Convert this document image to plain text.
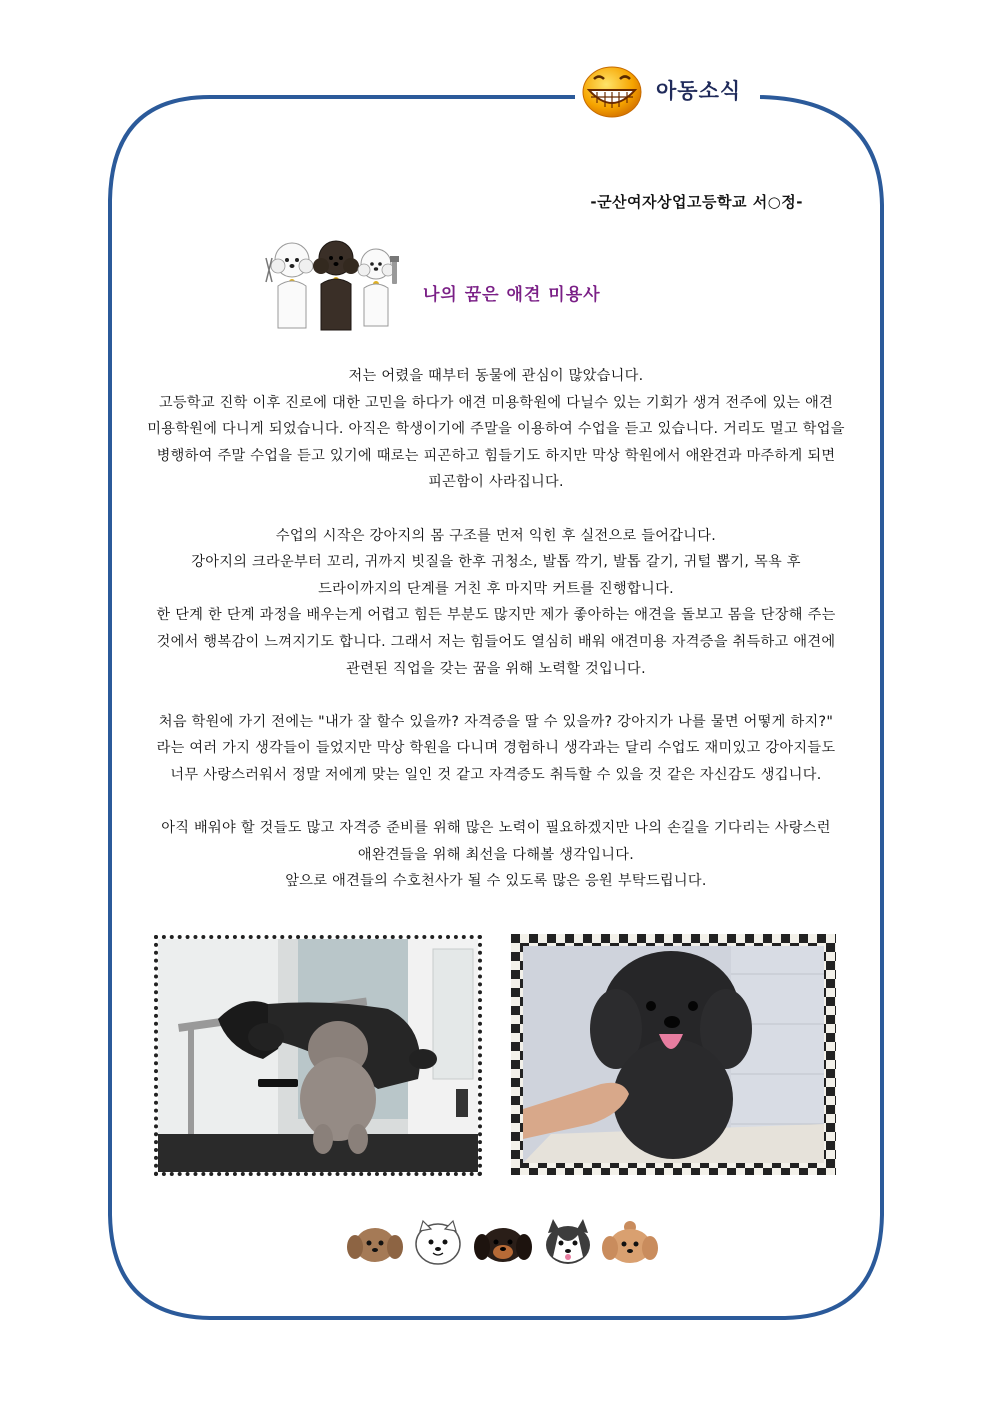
아동소식
-군산여자상업고등학교 서○정-
나의 꿈은 애견 미용사

저는 어렸을 때부터 동물에 관심이 많았습니다.

고등학교 진학 이후 진로에 대한 고민을 하다가 애견 미용학원에 다닐수 있는 기회가 생겨 전주에 있는 애견

미용학원에 다니게 되었습니다. 아직은 학생이기에 주말을 이용하여 수업을 듣고 있습니다. 거리도 멀고 학업을

병행하여 주말 수업을 듣고 있기에 때로는 피곤하고 힘들기도 하지만 막상 학원에서 애완견과 마주하게 되면

피곤함이 사라집니다.

수업의 시작은 강아지의 몸 구조를 먼저 익힌 후 실전으로 들어갑니다.

강아지의 크라운부터 꼬리, 귀까지 빗질을 한후 귀청소, 발톱 깍기, 발톱 갈기, 귀털 뽑기, 목욕 후

드라이까지의 단계를 거친 후 마지막 커트를 진행합니다.

한 단계 한 단계 과정을 배우는게 어렵고 힘든 부분도 많지만 제가 좋아하는 애견을 돌보고 몸을 단장해 주는

것에서 행복감이 느껴지기도 합니다. 그래서 저는 힘들어도 열심히 배워 애견미용 자격증을 취득하고 애견에

관련된 직업을 갖는 꿈을 위해 노력할 것입니다.

처음 학원에 가기 전에는 "내가 잘 할수 있을까? 자격증을 딸 수 있을까? 강아지가 나를 물면 어떻게 하지?"

라는 여러 가지 생각들이 들었지만 막상 학원을 다니며 경험하니 생각과는 달리 수업도 재미있고 강아지들도

너무 사랑스러워서 정말 저에게 맞는 일인 것 같고 자격증도 취득할 수 있을 것 같은 자신감도 생깁니다.

아직 배워야 할 것들도 많고 자격증 준비를 위해 많은 노력이 필요하겠지만 나의 손길을 기다리는 사랑스런

애완견들을 위해 최선을 다해볼 생각입니다.

앞으로 애견들의 수호천사가 될 수 있도록 많은 응원 부탁드립니다.
